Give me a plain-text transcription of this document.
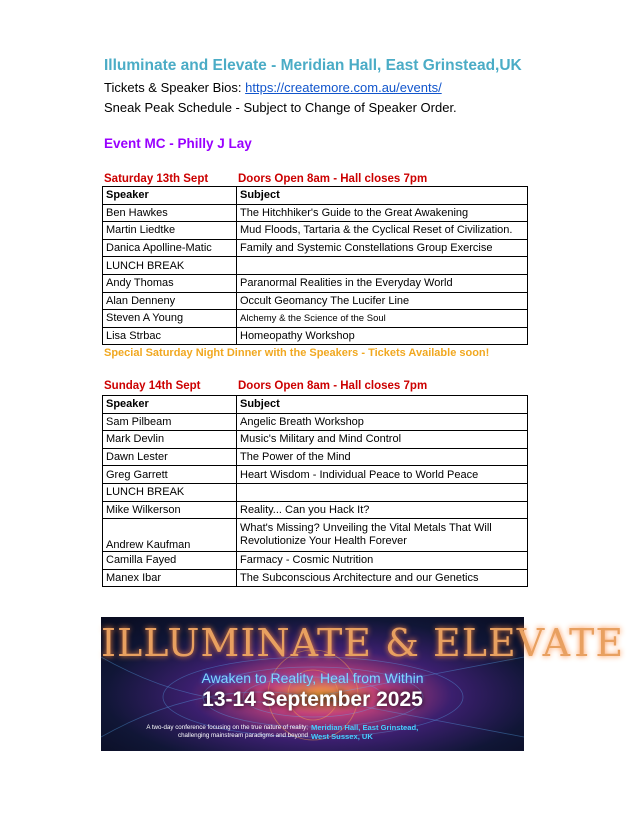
Illuminate and Elevate - Meridian Hall, East Grinstead,UK
Tickets & Speaker Bios: https://createmore.com.au/events/
Sneak Peak Schedule - Subject to Change of Speaker Order.
Event MC - Philly J Lay
Saturday 13th Sept	Doors Open 8am - Hall closes 7pm
Speaker	Subject
Ben Hawkes	The Hitchhiker's Guide to the Great Awakening
Martin Liedtke	Mud Floods, Tartaria & the Cyclical Reset of Civilization.
Danica Apolline-Matic	Family and Systemic Constellations Group Exercise
LUNCH BREAK	
Andy Thomas	Paranormal Realities in the Everyday World
Alan Denneny	Occult Geomancy The Lucifer Line
Steven A Young	Alchemy & the Science of the Soul
Lisa Strbac	Homeopathy Workshop
Special Saturday Night Dinner with the Speakers - Tickets Available soon!
Sunday 14th Sept	Doors Open 8am - Hall closes 7pm
Speaker	Subject
Sam Pilbeam	Angelic Breath Workshop
Mark Devlin	Music's Military and Mind Control
Dawn Lester	The Power of the Mind
Greg Garrett	Heart Wisdom - Individual Peace to World Peace
LUNCH BREAK	
Mike Wilkerson	Reality... Can you Hack It?
Andrew Kaufman	What's Missing? Unveiling the Vital Metals That Will Revolutionize Your Health Forever
Camilla Fayed	Farmacy - Cosmic Nutrition
Manex Ibar	The Subconscious Architecture and our Genetics
ILLUMINATE & ELEVATE
Awaken to Reality, Heal from Within
13-14 September 2025
A two-day conference focusing on the true nature of reality; challenging mainstream paradigms and beyond
Meridian Hall, East Grinstead,
West Sussex, UK
